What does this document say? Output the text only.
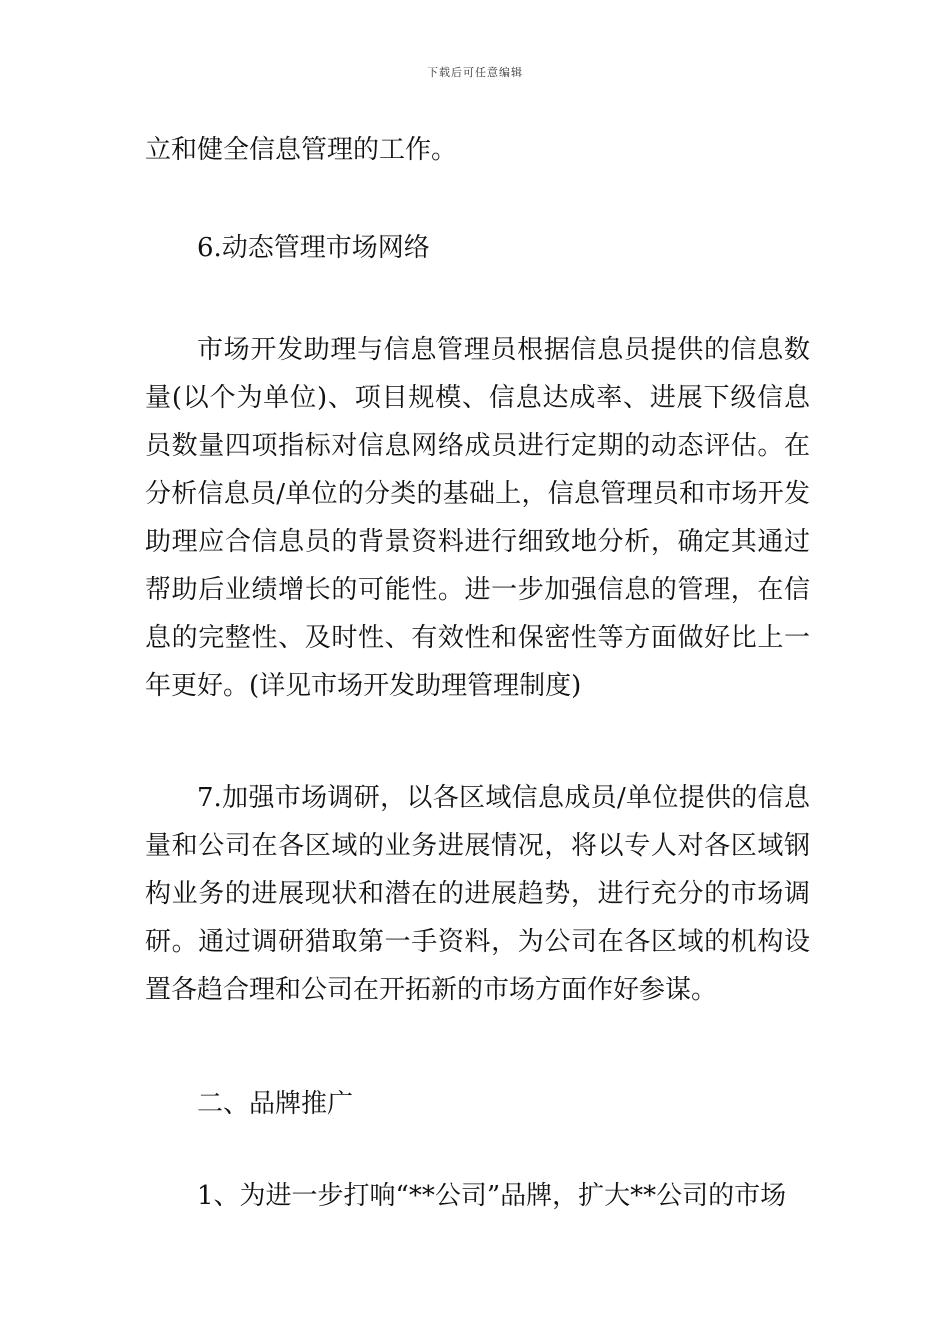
下载后可任意编辑

立和健全信息管理的工作。

6.动态管理市场网络

市场开发助理与信息管理员根据信息员提供的信息数量(以个为单位)、项目规模、信息达成率、进展下级信息员数量四项指标对信息网络成员进行定期的动态评估。在分析信息员/单位的分类的基础上，信息管理员和市场开发助理应合信息员的背景资料进行细致地分析，确定其通过帮助后业绩增长的可能性。进一步加强信息的管理，在信息的完整性、及时性、有效性和保密性等方面做好比上一年更好。(详见市场开发助理管理制度)

7.加强市场调研，以各区域信息成员/单位提供的信息量和公司在各区域的业务进展情况，将以专人对各区域钢构业务的进展现状和潜在的进展趋势，进行充分的市场调研。通过调研猎取第一手资料，为公司在各区域的机构设置各趋合理和公司在开拓新的市场方面作好参谋。

二、品牌推广

1、为进一步打响“**公司”品牌，扩大**公司的市场
